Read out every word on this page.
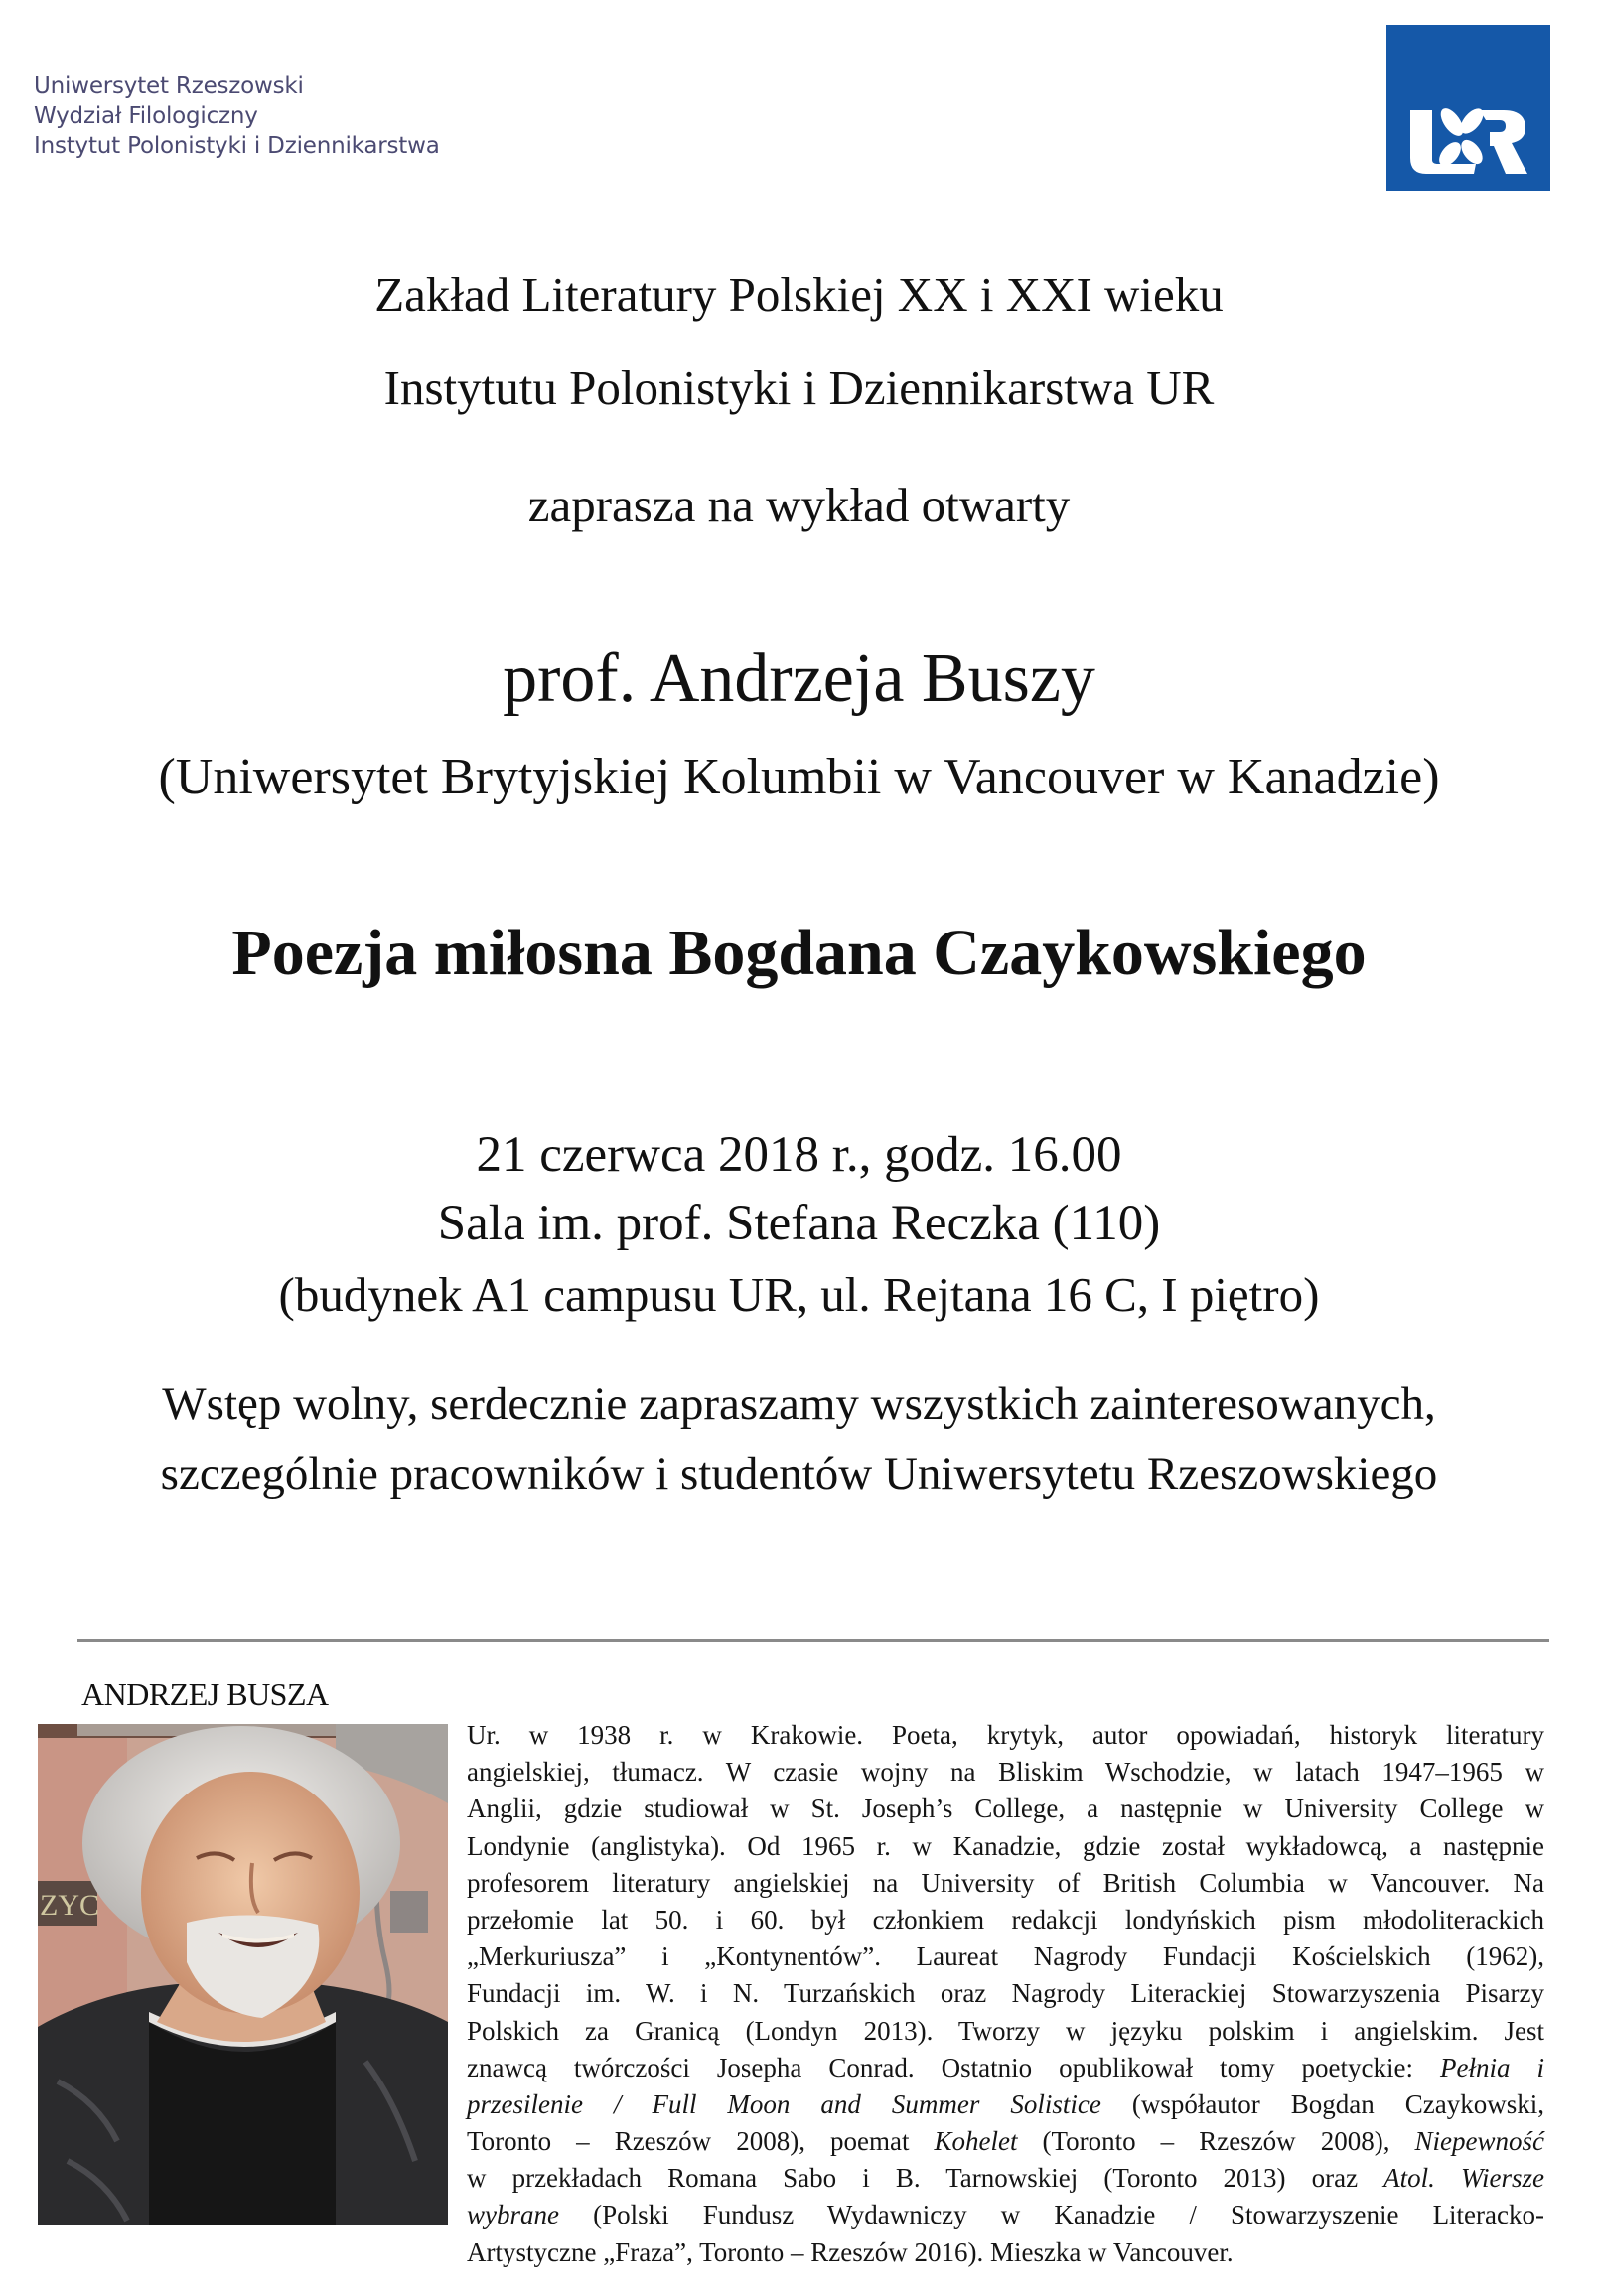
Uniwersytet Rzeszowski
Wydział Filologiczny
Instytut Polonistyki i Dziennikarstwa
Zakład Literatury Polskiej XX i XXI wieku
Instytutu Polonistyki i Dziennikarstwa UR
zaprasza na wykład otwarty
prof. Andrzeja Buszy
(Uniwersytet Brytyjskiej Kolumbii w Vancouver w Kanadzie)
Poezja miłosna Bogdana Czaykowskiego
21 czerwca 2018 r., godz. 16.00
Sala im. prof. Stefana Reczka (110)
(budynek A1 campusu UR, ul. Rejtana 16 C, I piętro)
Wstęp wolny, serdecznie zapraszamy wszystkich zainteresowanych,
szczególnie pracowników i studentów Uniwersytetu Rzeszowskiego
ANDRZEJ BUSZA
ZYC
Ur. w 1938 r. w Krakowie. Poeta, krytyk, autor opowiadań, historyk literatury
angielskiej, tłumacz. W czasie wojny na Bliskim Wschodzie, w latach 1947–1965 w
Anglii, gdzie studiował w St. Joseph’s College, a następnie w University College w
Londynie (anglistyka). Od 1965 r. w Kanadzie, gdzie został wykładowcą, a następnie
profesorem literatury angielskiej na University of British Columbia w Vancouver. Na
przełomie lat 50. i 60. był członkiem redakcji londyńskich pism młodoliterackich
„Merkuriusza” i „Kontynentów”. Laureat Nagrody Fundacji Kościelskich (1962),
Fundacji im. W. i N. Turzańskich oraz Nagrody Literackiej Stowarzyszenia Pisarzy
Polskich za Granicą (Londyn 2013). Tworzy w języku polskim i angielskim. Jest
znawcą twórczości Josepha Conrad. Ostatnio opublikował tomy poetyckie: Pełnia i
przesilenie / Full Moon and Summer Solistice (współautor Bogdan Czaykowski,
Toronto – Rzeszów 2008), poemat Kohelet (Toronto – Rzeszów 2008), Niepewność
w przekładach Romana Sabo i B. Tarnowskiej (Toronto 2013) oraz Atol. Wiersze
wybrane (Polski Fundusz Wydawniczy w Kanadzie / Stowarzyszenie Literacko-
Artystyczne „Fraza”, Toronto – Rzeszów 2016). Mieszka w Vancouver.
